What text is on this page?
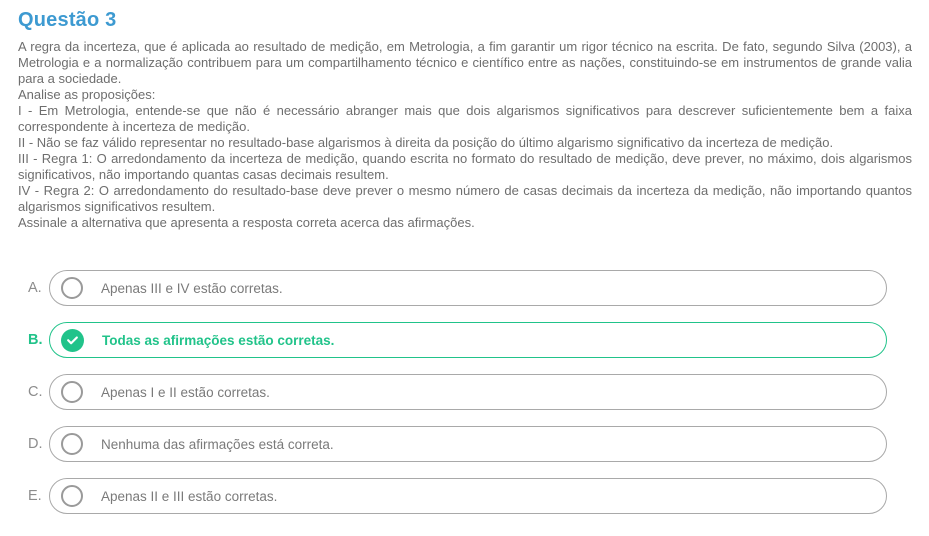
Questão 3

A regra da incerteza, que é aplicada ao resultado de medição, em Metrologia, a fim garantir um rigor técnico na escrita. De fato, segundo Silva (2003), a Metrologia e a normalização contribuem para um compartilhamento técnico e científico entre as nações, constituindo-se em instrumentos de grande valia para a sociedade.

Analise as proposições:

I - Em Metrologia, entende-se que não é necessário abranger mais que dois algarismos significativos para descrever suficientemente bem a faixa correspondente à incerteza de medição.

II - Não se faz válido representar no resultado-base algarismos à direita da posição do último algarismo significativo da incerteza de medição.

III - Regra 1: O arredondamento da incerteza de medição, quando escrita no formato do resultado de medição, deve prever, no máximo, dois algarismos significativos, não importando quantas casas decimais resultem.

IV - Regra 2: O arredondamento do resultado-base deve prever o mesmo número de casas decimais da incerteza da medição, não importando quantos algarismos significativos resultem.

Assinale a alternativa que apresenta a resposta correta acerca das afirmações.

A.	Apenas III e IV estão corretas.
B.	Todas as afirmações estão corretas.
C.	Apenas I e II estão corretas.
D.	Nenhuma das afirmações está correta.
E.	Apenas II e III estão corretas.
